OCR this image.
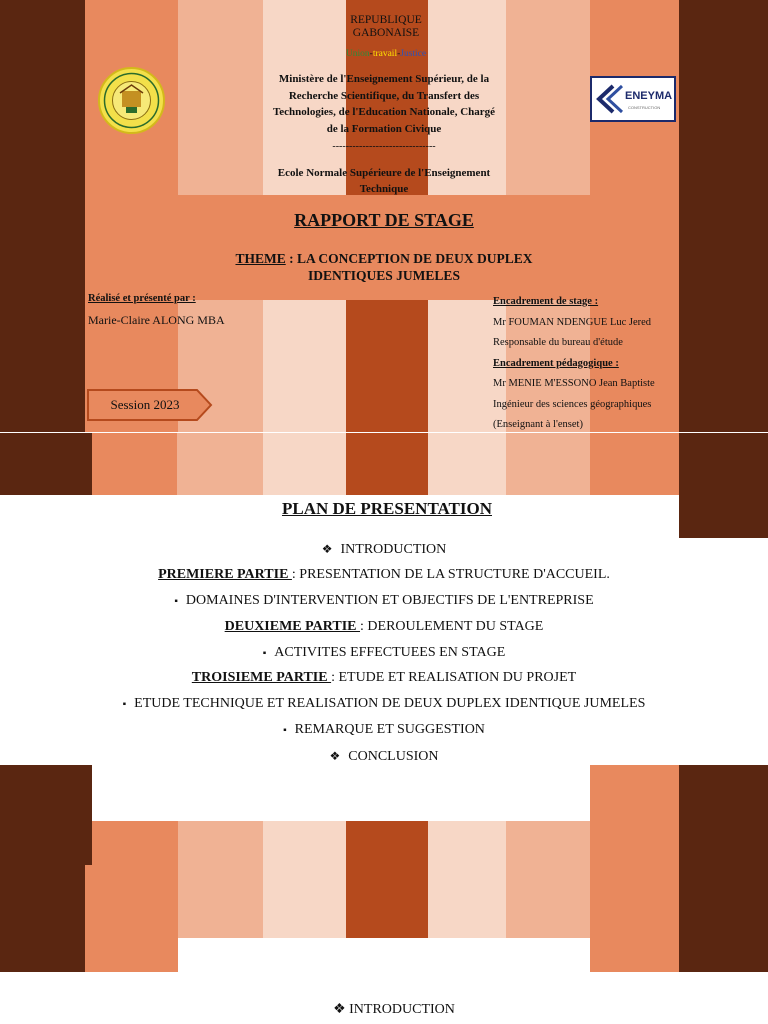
ENEYMA
CONSTRUCTION
REPUBLIQUE
GABONAISE
Union-travail-Justice
Ministère de l'Enseignement Supérieur, de la
Recherche Scientifique, du Transfert des
Technologies, de l'Education Nationale, Chargé
de la Formation Civique
-------------------------------
Ecole Normale Supérieure de l'Enseignement
Technique
RAPPORT DE STAGE
THEME : LA CONCEPTION DE DEUX DUPLEX
IDENTIQUES JUMELES
Réalisé et présenté par :
Marie-Claire ALONG MBA
Encadrement de stage :
Mr FOUMAN NDENGUE Luc Jered
Responsable du bureau d'étude
Encadrement pédagogique :
Mr MENIE M'ESSONO Jean Baptiste
Ingénieur des sciences géographiques
(Enseignant à l'enset)
Session 2023
PLAN DE PRESENTATION
❖ INTRODUCTION
PREMIERE PARTIE : PRESENTATION DE LA STRUCTURE D'ACCUEIL.
▪ DOMAINES D'INTERVENTION ET OBJECTIFS DE L'ENTREPRISE
DEUXIEME PARTIE : DEROULEMENT DU STAGE
▪ ACTIVITES EFFECTUEES EN STAGE
TROISIEME PARTIE : ETUDE ET REALISATION DU PROJET
▪ ETUDE TECHNIQUE ET REALISATION DE DEUX DUPLEX IDENTIQUE JUMELES
▪ REMARQUE ET SUGGESTION
❖ CONCLUSION
❖ INTRODUCTION
